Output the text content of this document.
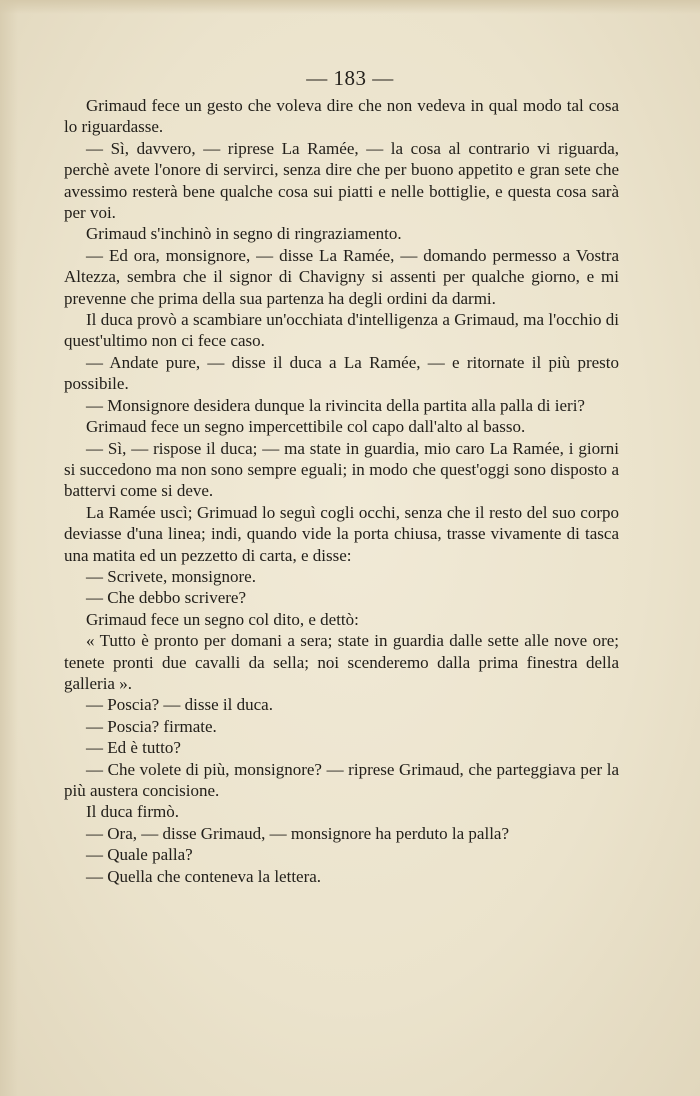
— 183 —

Grimaud fece un gesto che voleva dire che non vedeva in qual modo tal cosa lo riguardasse.

— Sì, davvero, — riprese La Ramée, — la cosa al contrario vi riguarda, perchè avete l'onore di servirci, senza dire che per buono appetito e gran sete che avessimo resterà bene qualche cosa sui piatti e nelle bottiglie, e questa cosa sarà per voi.

Grimaud s'inchinò in segno di ringraziamento.

— Ed ora, monsignore, — disse La Ramée, — domando permesso a Vostra Altezza, sembra che il signor di Chavigny si assenti per qualche giorno, e mi prevenne che prima della sua partenza ha degli ordini da darmi.

Il duca provò a scambiare un'occhiata d'intelligenza a Grimaud, ma l'occhio di quest'ultimo non ci fece caso.

— Andate pure, — disse il duca a La Ramée, — e ritornate il più presto possibile.

— Monsignore desidera dunque la rivincita della partita alla palla di ieri?

Grimaud fece un segno impercettibile col capo dall'alto al basso.

— Sì, — rispose il duca; — ma state in guardia, mio caro La Ramée, i giorni si succedono ma non sono sempre eguali; in modo che quest'oggi sono disposto a battervi come si deve.

La Ramée uscì; Grimuad lo seguì cogli occhi, senza che il resto del suo corpo deviasse d'una linea; indi, quando vide la porta chiusa, trasse vivamente di tasca una matita ed un pezzetto di carta, e disse:

— Scrivete, monsignore.

— Che debbo scrivere?

Grimaud fece un segno col dito, e dettò:

« Tutto è pronto per domani a sera; state in guardia dalle sette alle nove ore; tenete pronti due cavalli da sella; noi scenderemo dalla prima finestra della galleria ».

— Poscia? — disse il duca.

— Poscia? firmate.

— Ed è tutto?

— Che volete di più, monsignore? — riprese Grimaud, che parteggiava per la più austera concisione.

Il duca firmò.

— Ora, — disse Grimaud, — monsignore ha perduto la palla?

— Quale palla?

— Quella che conteneva la lettera.
